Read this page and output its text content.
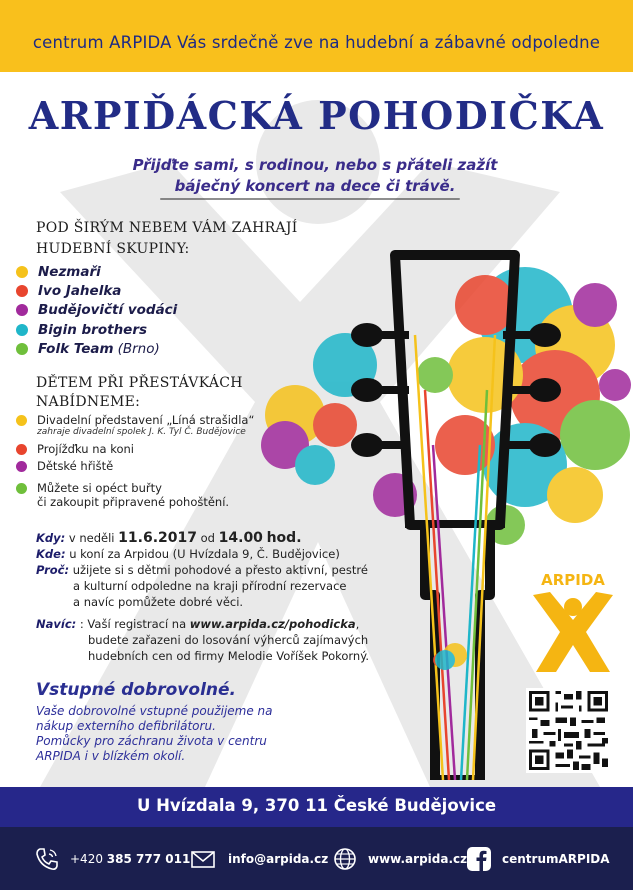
centrum ARPIDA Vás srdečně zve na hudební a zábavné odpoledne
ARPIĎÁCKÁ POHODIČKA
Přijďte sami, s rodinou, nebo s přáteli zažít
báječný koncert na dece či trávě.
POD ŠIRÝM NEBEM VÁM ZAHRAJÍ
HUDEBNÍ SKUPINY:
Nezmaři
Ivo Jahelka
Budějovičtí vodáci
Bigin brothers
Folk Team (Brno)
DĚTEM PŘI PŘESTÁVKÁCH
NABÍDNEME:
Divadelní představení „Líná strašidla“
zahraje divadelní spolek J. K. Tyl Č. Budějovice
Projížďku na koni
Dětské hřiště
Můžete si opéct buřty
či zakoupit připravené pohoštění.
Kdy: v neděli 11.6.2017 od 14.00 hod.
Kde: u koní za Arpidou (U Hvízdala 9, Č. Budějovice)
Proč: užijete si s dětmi pohodové a přesto aktivní, pestré
a kulturní odpoledne na kraji přírodní rezervace
a navíc pomůžete dobré věci.
Navíc: : Vaší registrací na www.arpida.cz/pohodicka,
budete zařazeni do losování výherců zajímavých
hudebních cen od firmy Melodie Voříšek Pokorný.
Vstupné dobrovolné.
Vaše dobrovolné vstupné použijeme na
nákup externího defibrilátoru.
Pomůcky pro záchranu života v centru
ARPIDA i v blízkém okolí.
ARPIDA
U Hvízdala 9, 370 11 České Budějovice
+420
385 777 011	info@arpida.cz	www.arpida.cz	centrumARPIDA
